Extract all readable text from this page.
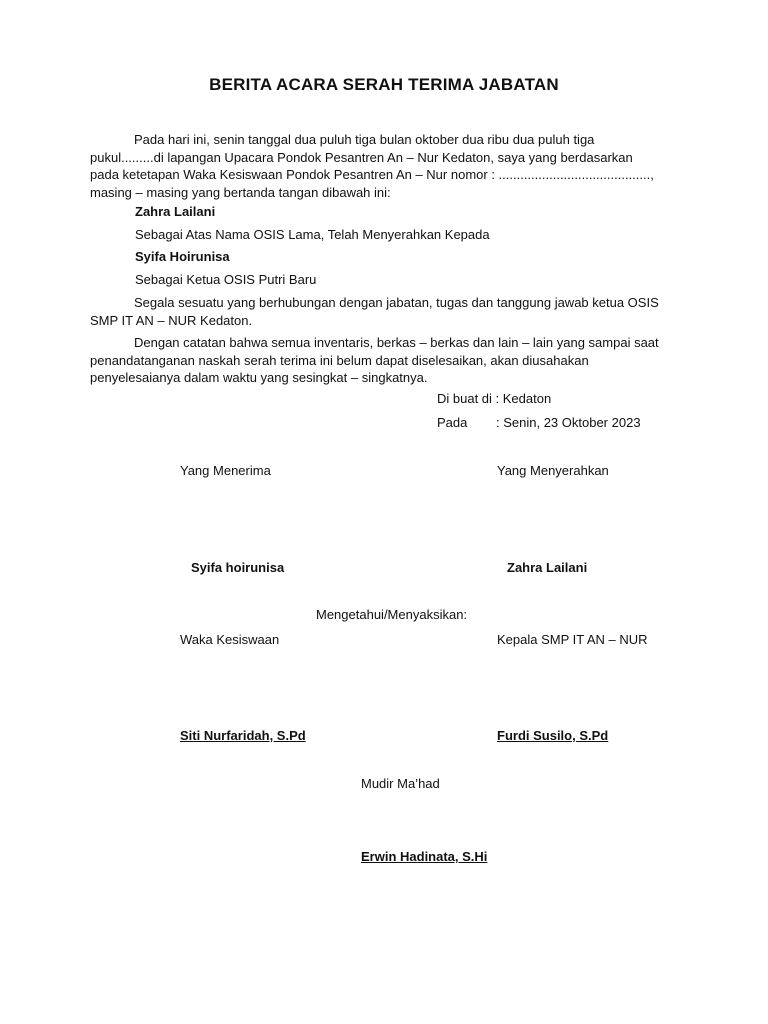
BERITA ACARA SERAH TERIMA JABATAN
Pada hari ini, senin tanggal dua puluh tiga bulan oktober dua ribu dua puluh tiga pukul.........di lapangan Upacara Pondok Pesantren An – Nur Kedaton, saya yang berdasarkan pada ketetapan Waka Kesiswaan Pondok Pesantren An – Nur nomor : .........................................., masing – masing yang bertanda tangan dibawah ini:
Zahra Lailani
Sebagai Atas Nama OSIS Lama, Telah Menyerahkan Kepada
Syifa Hoirunisa
Sebagai Ketua OSIS Putri Baru
Segala sesuatu yang berhubungan dengan jabatan, tugas dan tanggung jawab ketua OSIS SMP IT AN – NUR Kedaton.
Dengan catatan bahwa semua inventaris, berkas – berkas dan lain – lain yang sampai saat penandatanganan naskah serah terima ini belum dapat diselesaikan, akan diusahakan penyelesaianya dalam waktu yang sesingkat – singkatnya.
Di buat di : Kedaton
Pada : Senin, 23 Oktober 2023
Yang Menerima	Yang Menyerahkan
Syifa hoirunisa	Zahra Lailani
Mengetahui/Menyaksikan:
Waka Kesiswaan	Kepala SMP IT AN – NUR
Siti Nurfaridah, S.Pd	Furdi Susilo, S.Pd
Mudir Ma’had
Erwin Hadinata, S.Hi
